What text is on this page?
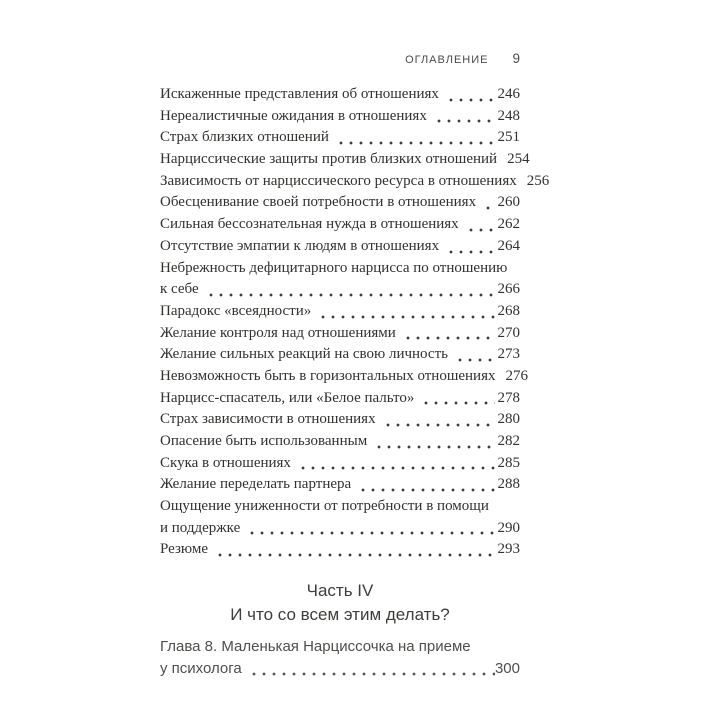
ОГЛАВЛЕНИЕ 9
Искаженные представления об отношениях	246
Нереалистичные ожидания в отношениях	248
Страх близких отношений	251
Нарциссические защиты против близких отношений 254
Зависимость от нарциссического ресурса в отношениях 256
Обесценивание своей потребности в отношениях 260
Сильная бессознательная нужда в отношениях	262
Отсутствие эмпатии к людям в отношениях	264
Небрежность дефицитарного нарцисса по отношению
к себе	266
Парадокс «всеядности»	268
Желание контроля над отношениями	270
Желание сильных реакций на свою личность	273
Невозможность быть в горизонтальных отношениях 276
Нарцисс-спасатель, или «Белое пальто»	278
Страх зависимости в отношениях	280
Опасение быть использованным	282
Скука в отношениях	285
Желание переделать партнера	288
Ощущение униженности от потребности в помощи
и поддержке	290
Резюме	293
Часть IV
И что со всем этим делать?
Глава 8. Маленькая Нарциссочка на приеме
у психолога	300
